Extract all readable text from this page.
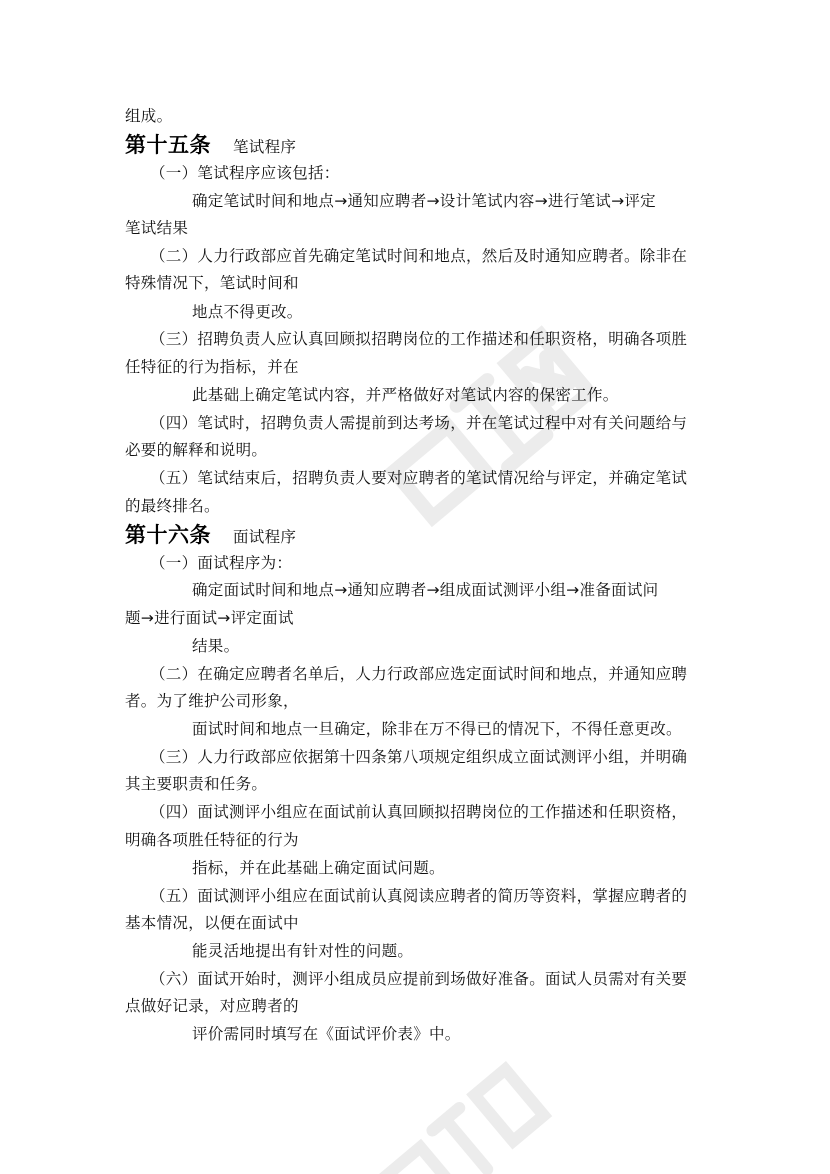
组成。
第十五条 笔试程序
（一）笔试程序应该包括：
确定笔试时间和地点→通知应聘者→设计笔试内容→进行笔试→评定
笔试结果
（二）人力行政部应首先确定笔试时间和地点，然后及时通知应聘者。除非在
特殊情况下，笔试时间和
地点不得更改。
（三）招聘负责人应认真回顾拟招聘岗位的工作描述和任职资格，明确各项胜
任特征的行为指标，并在
此基础上确定笔试内容，并严格做好对笔试内容的保密工作。
（四）笔试时，招聘负责人需提前到达考场，并在笔试过程中对有关问题给与
必要的解释和说明。
（五）笔试结束后，招聘负责人要对应聘者的笔试情况给与评定，并确定笔试
的最终排名。
第十六条 面试程序
（一）面试程序为：
确定面试时间和地点→通知应聘者→组成面试测评小组→准备面试问
题→进行面试→评定面试
结果。
（二）在确定应聘者名单后，人力行政部应选定面试时间和地点，并通知应聘
者。为了维护公司形象，
面试时间和地点一旦确定，除非在万不得已的情况下，不得任意更改。
（三）人力行政部应依据第十四条第八项规定组织成立面试测评小组，并明确
其主要职责和任务。
（四）面试测评小组应在面试前认真回顾拟招聘岗位的工作描述和任职资格，
明确各项胜任特征的行为
指标，并在此基础上确定面试问题。
（五）面试测评小组应在面试前认真阅读应聘者的简历等资料，掌握应聘者的
基本情况，以便在面试中
能灵活地提出有针对性的问题。
（六）面试开始时，测评小组成员应提前到场做好准备。面试人员需对有关要
点做好记录，对应聘者的
评价需同时填写在《面试评价表》中。
